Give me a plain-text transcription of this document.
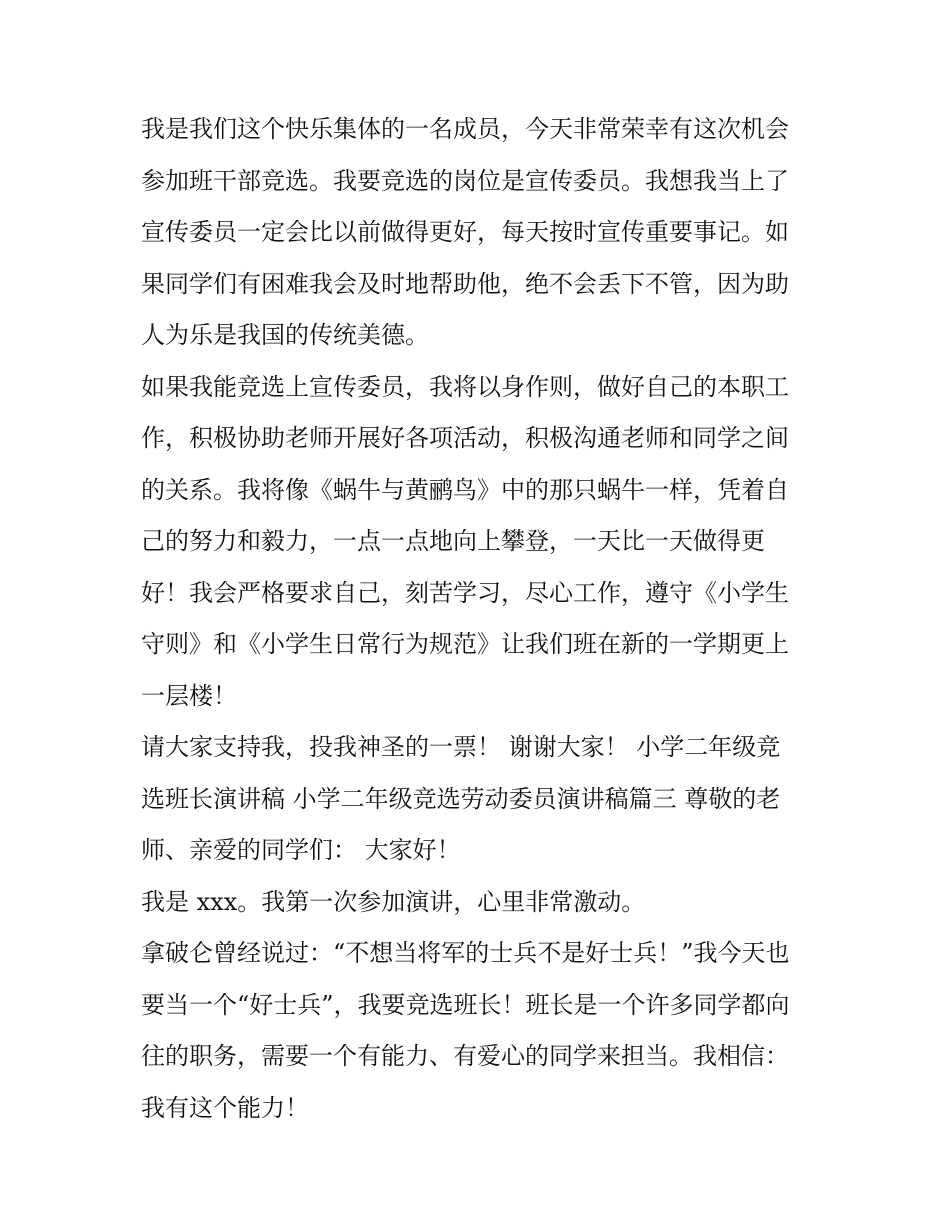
我是我们这个快乐集体的一名成员，今天非常荣幸有这次机会
参加班干部竞选。我要竞选的岗位是宣传委员。我想我当上了
宣传委员一定会比以前做得更好，每天按时宣传重要事记。如
果同学们有困难我会及时地帮助他，绝不会丢下不管，因为助
人为乐是我国的传统美德。
如果我能竞选上宣传委员，我将以身作则，做好自己的本职工
作，积极协助老师开展好各项活动，积极沟通老师和同学之间
的关系。我将像《蜗牛与黄鹂鸟》中的那只蜗牛一样，凭着自
己的努力和毅力，一点一点地向上攀登，一天比一天做得更
好！我会严格要求自己，刻苦学习，尽心工作，遵守《小学生
守则》和《小学生日常行为规范》让我们班在新的一学期更上
一层楼！
请大家支持我，投我神圣的一票！ 谢谢大家！ 小学二年级竞
选班长演讲稿 小学二年级竞选劳动委员演讲稿篇三 尊敬的老
师、亲爱的同学们： 大家好！
我是 xxx。我第一次参加演讲，心里非常激动。
拿破仑曾经说过：“不想当将军的士兵不是好士兵！”我今天也
要当一个“好士兵”，我要竞选班长！班长是一个许多同学都向
往的职务，需要一个有能力、有爱心的同学来担当。我相信：
我有这个能力！
